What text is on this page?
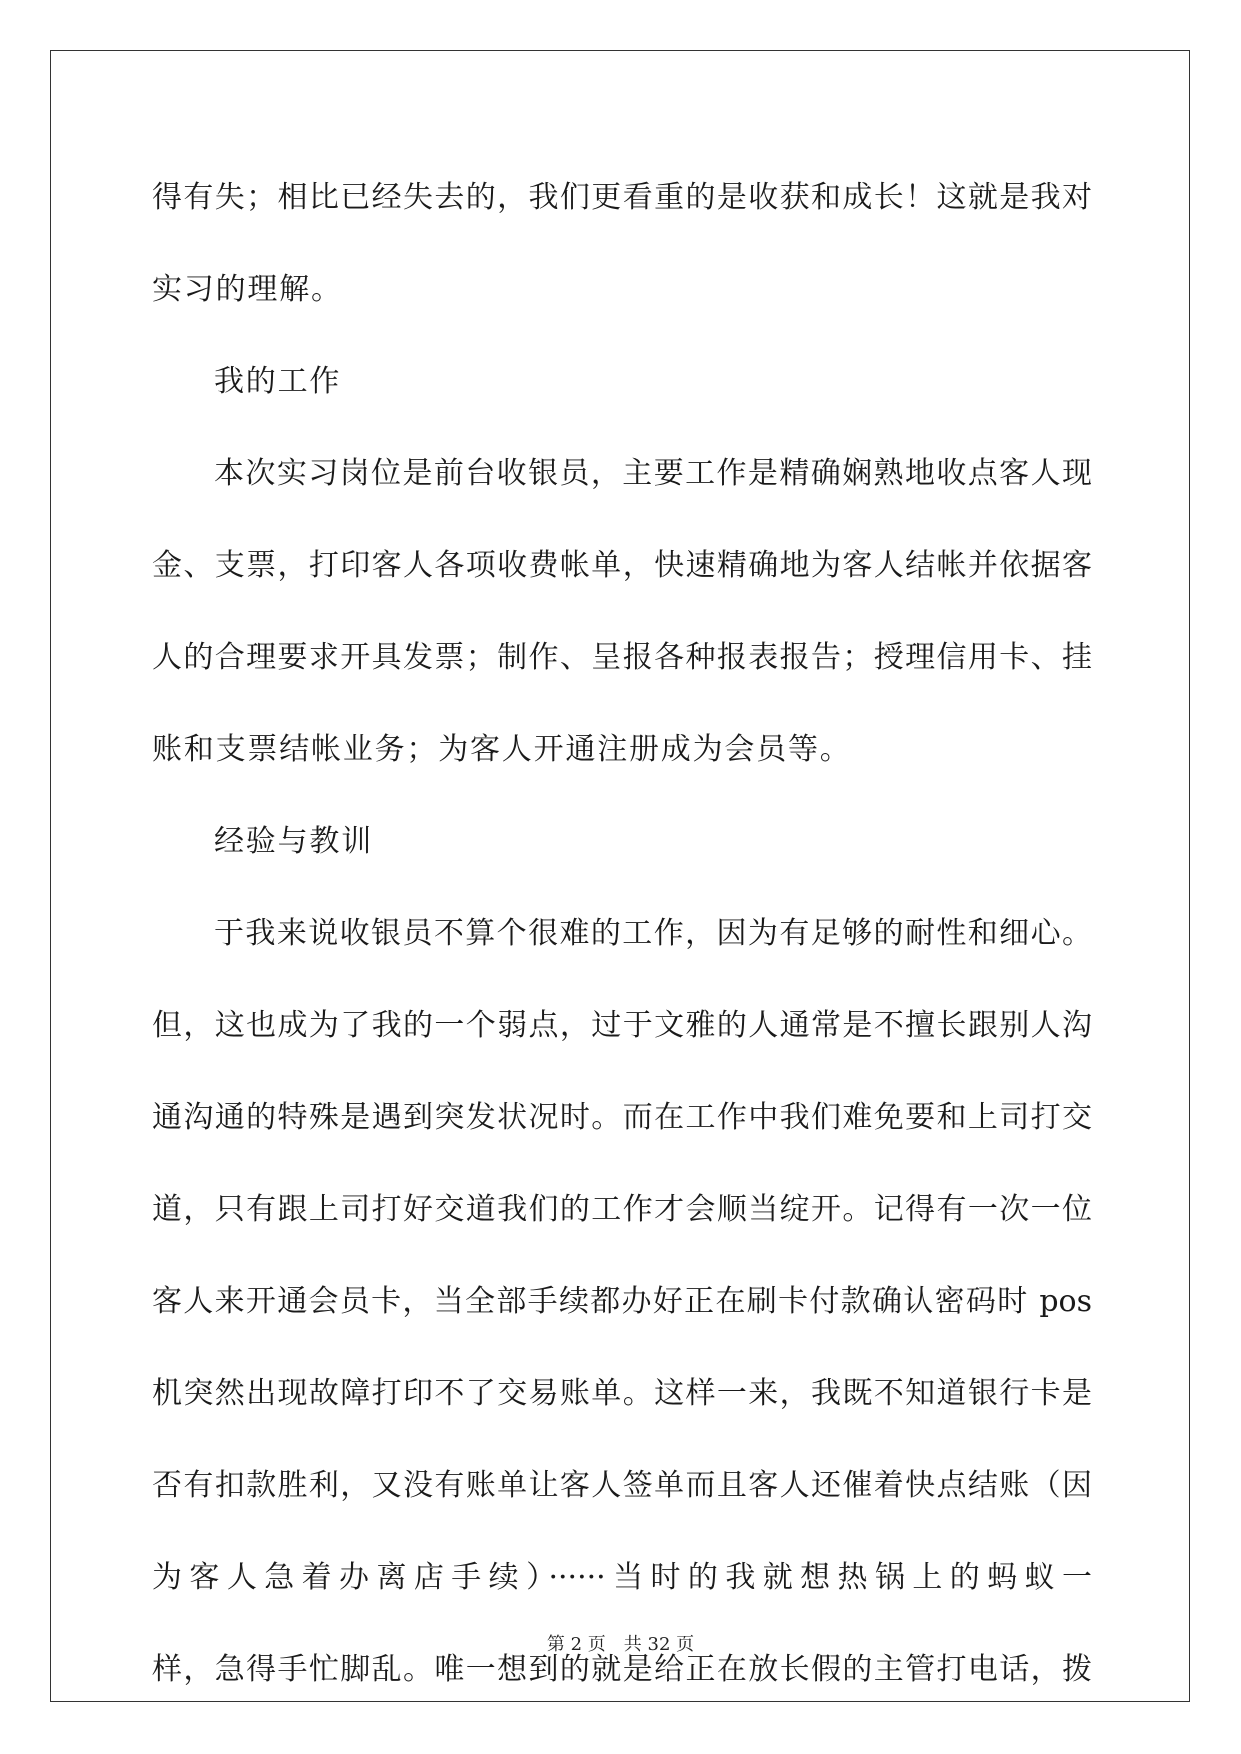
得有失；相比已经失去的，我们更看重的是收获和成长！这就是我对
实习的理解。
我的工作
本次实习岗位是前台收银员，主要工作是精确娴熟地收点客人现
金、支票，打印客人各项收费帐单，快速精确地为客人结帐并依据客
人的合理要求开具发票；制作、呈报各种报表报告；授理信用卡、挂
账和支票结帐业务；为客人开通注册成为会员等。
经验与教训
于我来说收银员不算个很难的工作，因为有足够的耐性和细心。
但，这也成为了我的一个弱点，过于文雅的人通常是不擅长跟别人沟
通沟通的特殊是遇到突发状况时。而在工作中我们难免要和上司打交
道，只有跟上司打好交道我们的工作才会顺当绽开。记得有一次一位
客人来开通会员卡，当全部手续都办好正在刷卡付款确认密码时 pos
机突然出现故障打印不了交易账单。这样一来，我既不知道银行卡是
否有扣款胜利，又没有账单让客人签单而且客人还催着快点结账（因
为客人急着办离店手续）······当时的我就想热锅上的蚂蚁一
样，急得手忙脚乱。唯一想到的就是给正在放长假的主管打电话，拨
第 2 页 共 32 页
